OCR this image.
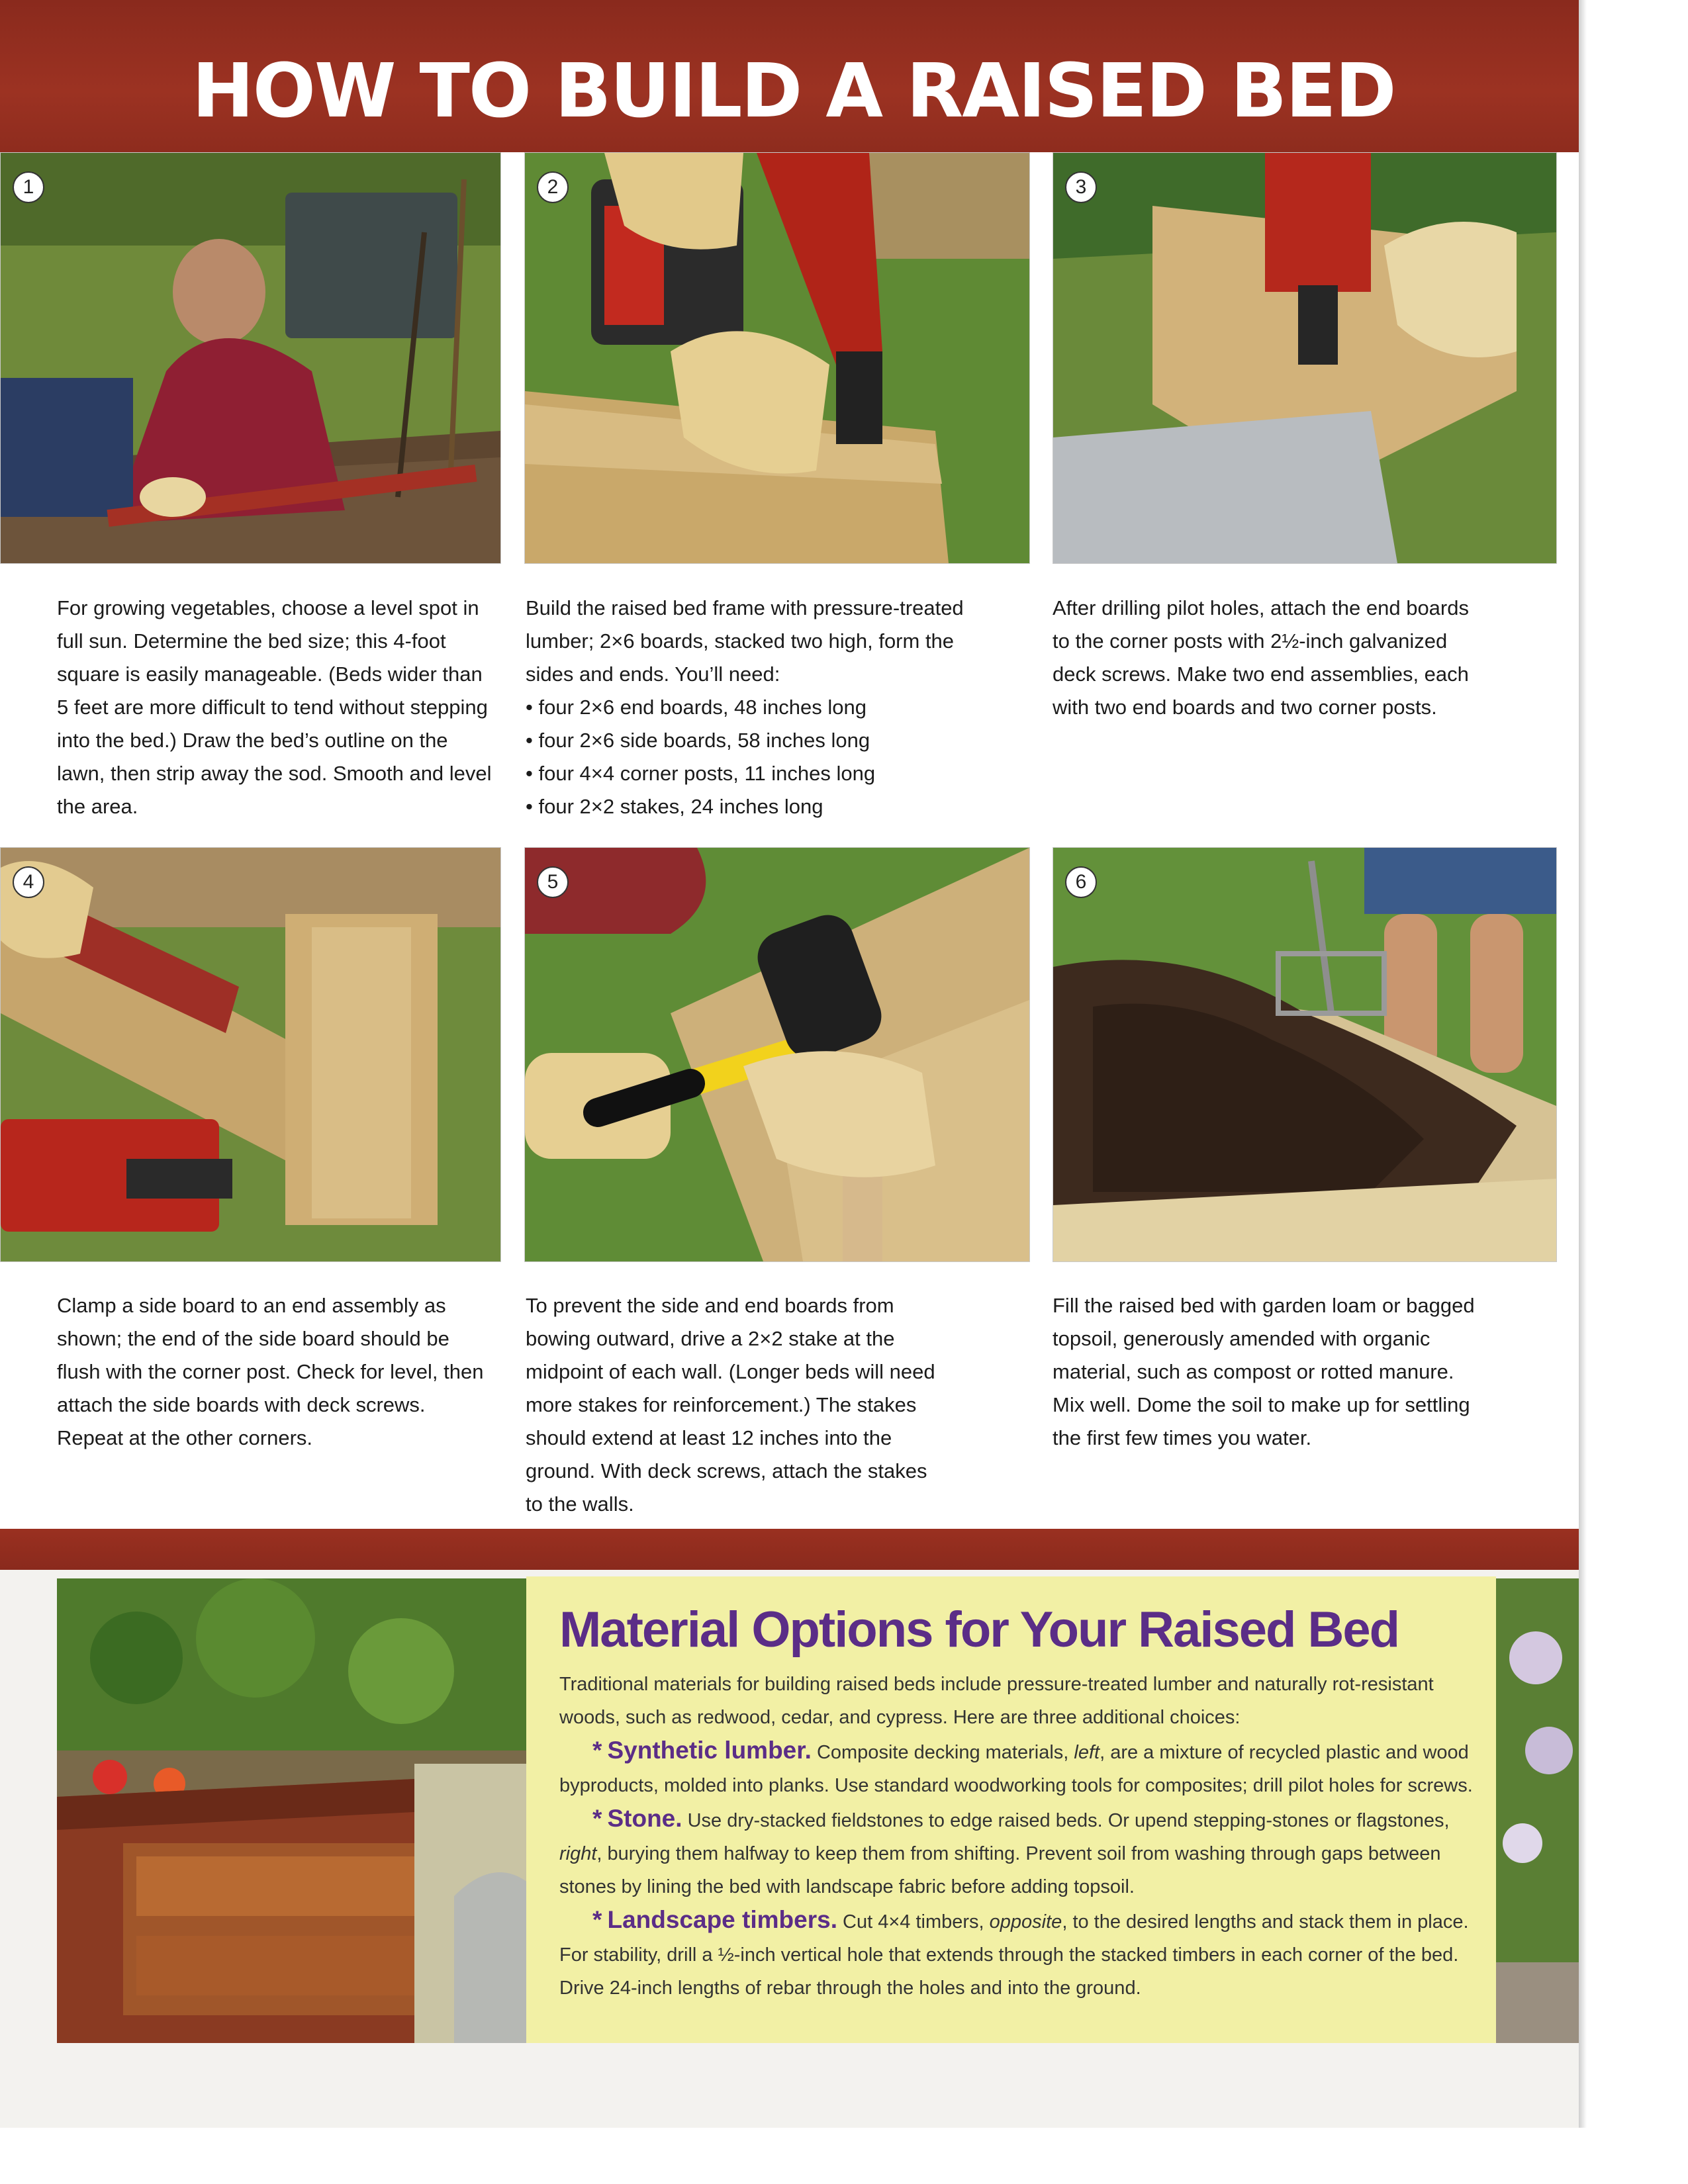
HOW TO BUILD A RAISED BED
1	2	3
For growing vegetables, choose a level spot in full sun. Determine the bed size; this 4-foot square is easily manageable. (Beds wider than 5 feet are more difficult to tend without stepping into the bed.) Draw the bed’s outline on the lawn, then strip away the sod. Smooth and level the area.
Build the raised bed frame with pressure-treated lumber; 2×6 boards, stacked two high, form the sides and ends. You’ll need:
• four 2×6 end boards, 48 inches long
• four 2×6 side boards, 58 inches long
• four 4×4 corner posts, 11 inches long
• four 2×2 stakes, 24 inches long
After drilling pilot holes, attach the end boards to the corner posts with 2½-inch galvanized deck screws. Make two end assemblies, each with two end boards and two corner posts.
4	5	6
Clamp a side board to an end assembly as shown; the end of the side board should be flush with the corner post. Check for level, then attach the side boards with deck screws. Repeat at the other corners.
To prevent the side and end boards from bowing outward, drive a 2×2 stake at the midpoint of each wall. (Longer beds will need more stakes for reinforcement.) The stakes should extend at least 12 inches into the ground. With deck screws, attach the stakes to the walls.
Fill the raised bed with garden loam or bagged topsoil, generously amended with organic material, such as compost or rotted manure. Mix well. Dome the soil to make up for settling the first few times you water.
Material Options for Your Raised Bed

Traditional materials for building raised beds include pressure-treated lumber and naturally rot-resistant woods, such as redwood, cedar, and cypress. Here are three additional choices:

* Synthetic lumber. Composite decking materials, left, are a mixture of recycled plastic and wood byproducts, molded into planks. Use standard woodworking tools for composites; drill pilot holes for screws.

* Stone. Use dry-stacked fieldstones to edge raised beds. Or upend stepping-stones or flagstones, right, burying them halfway to keep them from shifting. Prevent soil from washing through gaps between stones by lining the bed with landscape fabric before adding topsoil.

* Landscape timbers. Cut 4×4 timbers, opposite, to the desired lengths and stack them in place. For stability, drill a ½-inch vertical hole that extends through the stacked timbers in each corner of the bed. Drive 24-inch lengths of rebar through the holes and into the ground.
